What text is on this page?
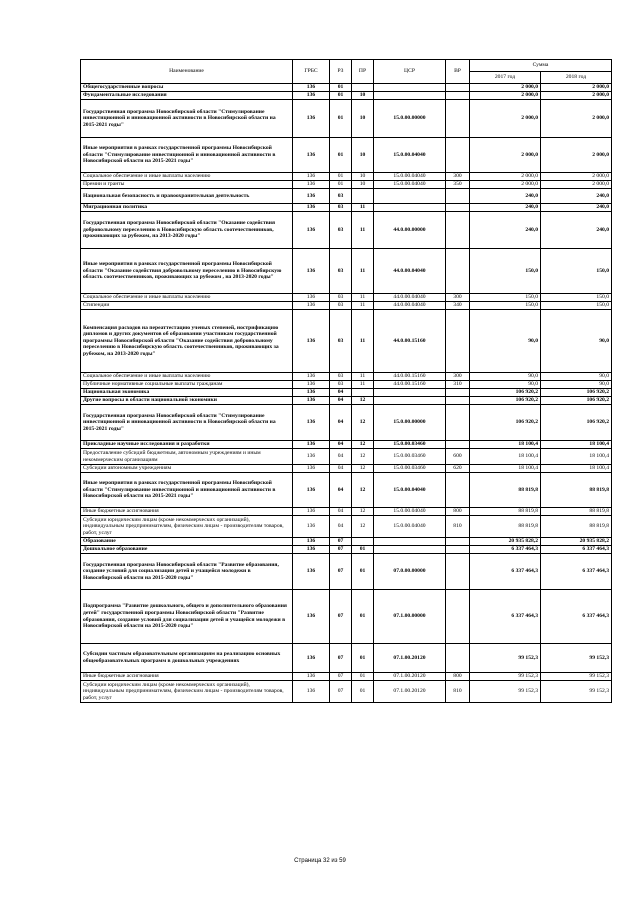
Наименование	ГРБС	РЗ	ПР	ЦСР	ВР	Сумма	
						2017 год	2018 год
Общегосударственные вопросы	136	01				2 000,0	2 000,0
Фундаментальные исследования	136	01	10			2 000,0	2 000,0
Государственная программа Новосибирской области "Стимулирование инвестиционной и инновационной активности в Новосибирской области на 2015-2021 годы"	136	01	10	15.0.00.00000		2 000,0	2 000,0
Иные мероприятия в рамках государственной программы Новосибирской области "Стимулирование инвестиционной и инновационной активности в Новосибирской области на 2015-2021 годы"	136	01	10	15.0.00.04040		2 000,0	2 000,0
Социальное обеспечение и иные выплаты населению	136	01	10	15.0.00.04040	300	2 000,0	2 000,0
Премии и гранты	136	01	10	15.0.00.04040	350	2 000,0	2 000,0
Национальная безопасность и правоохранительная деятельность	136	03				240,0	240,0
Миграционная политика	136	03	11			240,0	240,0
Государственная программа Новосибирской области "Оказание содействия добровольному переселению в Новосибирскую область соотечественников, проживающих за рубежом, на 2013-2020 годы"	136	03	11	44.0.00.00000		240,0	240,0
Иные мероприятия в рамках государственной программы Новосибирской области "Оказание содействия добровольному переселению в Новосибирскую область соотечественников, проживающих за рубежом , на 2013-2020 годы"	136	03	11	44.0.00.04040		150,0	150,0
Социальное обеспечение и иные выплаты населению	136	03	11	44.0.00.04040	300	150,0	150,0
Стипендии	136	03	11	44.0.00.04040	340	150,0	150,0
Компенсация расходов на переаттестацию ученых степеней, нострификацию дипломов и других документов об образовании участникам государственной программы Новосибирской области "Оказание содействия добровольному переселению в Новосибирскую область соотечественников, проживающих за рубежом, на 2013-2020 годы"	136	03	11	44.0.00.15160		90,0	90,0
Социальное обеспечение и иные выплаты населению	136	03	11	44.0.00.15160	300	90,0	90,0
Публичные нормативные социальные выплаты гражданам	136	03	11	44.0.00.15160	310	90,0	90,0
Национальная экономика	136	04				106 920,2	106 920,2
Другие вопросы в области национальной экономики	136	04	12			106 920,2	106 920,2
Государственная программа Новосибирской области "Стимулирование инвестиционной и инновационной активности в Новосибирской области на 2015-2021 годы"	136	04	12	15.0.00.00000		106 920,2	106 920,2
Прикладные научные исследования и разработки	136	04	12	15.0.00.03460		18 100,4	18 100,4
Предоставление субсидий бюджетным, автономным учреждениям и иным некоммерческим организациям	136	04	12	15.0.00.03460	600	18 100,4	18 100,4
Субсидии автономным учреждениям	136	04	12	15.0.00.03460	620	18 100,4	18 100,4
Иные мероприятия в рамках государственной программы Новосибирской области "Стимулирование инвестиционной и инновационной активности в Новосибирской области на 2015-2021 годы"	136	04	12	15.0.00.04040		88 819,8	88 819,8
Иные бюджетные ассигнования	136	04	12	15.0.00.04040	800	88 819,8	88 819,8
Субсидии юридическим лицам (кроме некоммерческих организаций), индивидуальным предпринимателям, физическим лицам - производителям товаров, работ, услуг	136	04	12	15.0.00.04040	810	88 819,8	88 819,8
Образование	136	07				20 935 828,2	20 935 828,2
Дошкольное образование	136	07	01			6 337 464,3	6 337 464,3
Государственная программа Новосибирской области "Развитие образования, создание условий для социализации детей и учащейся молодежи в Новосибирской области на 2015-2020 годы"	136	07	01	07.0.00.00000		6 337 464,3	6 337 464,3
Подпрограмма "Развитие дошкольного, общего и дополнительного образования детей" государственной программы Новосибирской области "Развитие образования, создание условий для социализации детей и учащейся молодежи в Новосибирской области на 2015-2020 годы"	136	07	01	07.1.00.00000		6 337 464,3	6 337 464,3
Субсидии частным образовательным организациям на реализацию основных общеобразовательных программ в дошкольных учреждениях	136	07	01	07.1.00.20120		99 152,3	99 152,3
Иные бюджетные ассигнования	136	07	01	07.1.00.20120	800	99 152,3	99 152,3
Субсидии юридическим лицам (кроме некоммерческих организаций), индивидуальным предпринимателям, физическим лицам - производителям товаров, работ, услуг	136	07	01	07.1.00.20120	810	99 152,3	99 152,3
Страница 32 из 59
